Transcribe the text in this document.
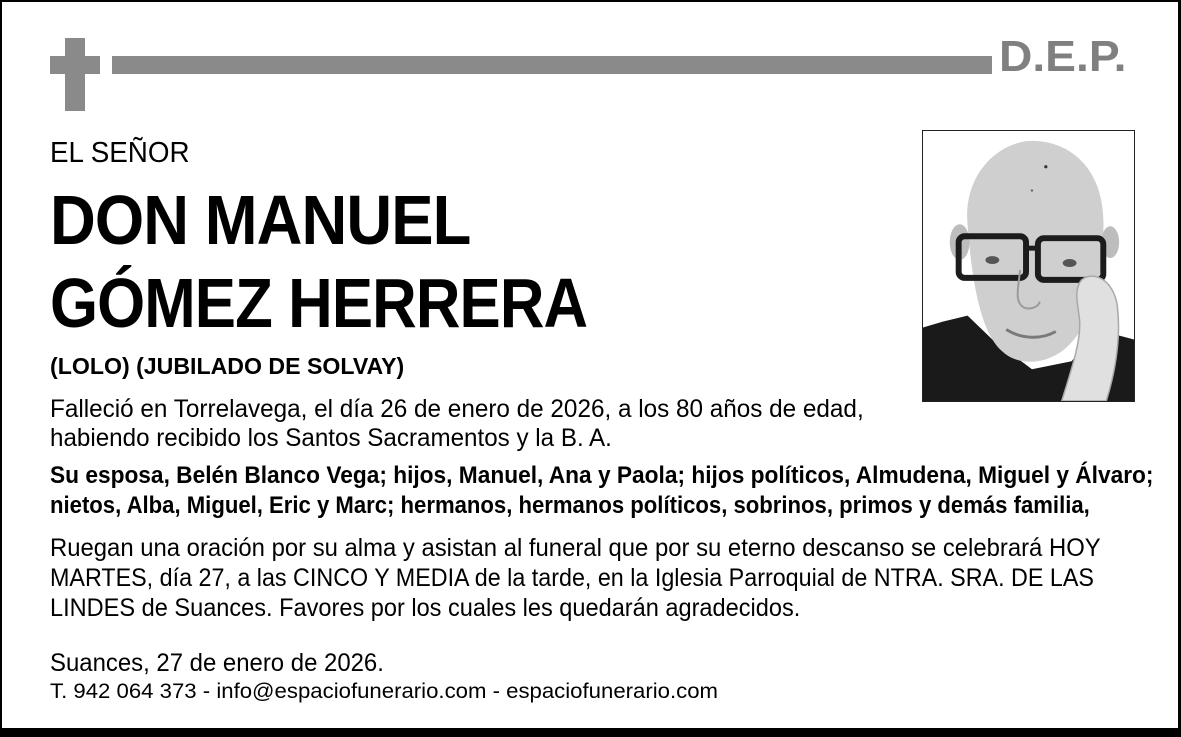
D.E.P.
EL SEÑOR
DON MANUEL
GÓMEZ HERRERA
(LOLO) (JUBILADO DE SOLVAY)
Falleció en Torrelavega, el día 26 de enero de 2026, a los 80 años de edad,
habiendo recibido los Santos Sacramentos y la B. A.
Su esposa, Belén Blanco Vega; hijos, Manuel, Ana y Paola; hijos políticos, Almudena, Miguel y Álvaro;
nietos, Alba, Miguel, Eric y Marc; hermanos, hermanos políticos, sobrinos, primos y demás familia,
Ruegan una oración por su alma y asistan al funeral que por su eterno descanso se celebrará HOY
MARTES, día 27, a las CINCO Y MEDIA de la tarde, en la Iglesia Parroquial de NTRA. SRA. DE LAS
LINDES de Suances. Favores por los cuales les quedarán agradecidos.
Suances, 27 de enero de 2026.
T. 942 064 373 - info@espaciofunerario.com - espaciofunerario.com
